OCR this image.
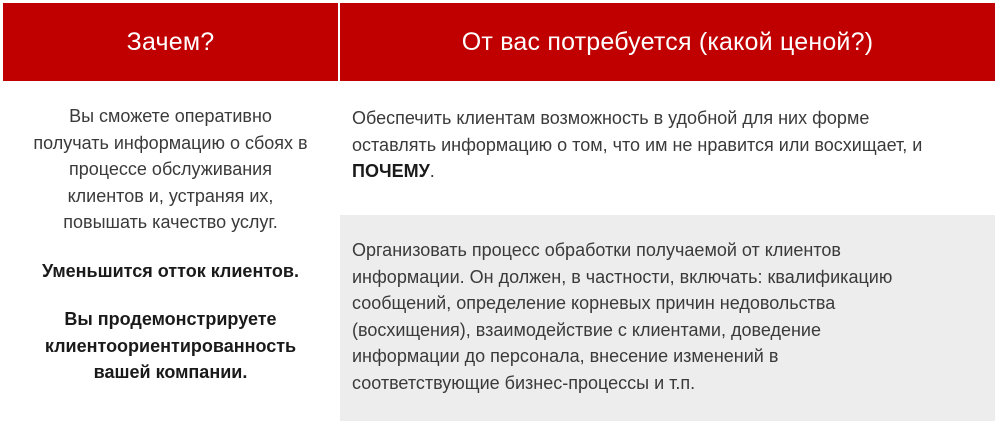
Зачем?	От вас потребуется (какой ценой?)
Вы сможете оперативно
получать информацию о сбоях в
процессе обслуживания
клиентов и, устраняя их,
повышать качество услуг.
Уменьшится отток клиентов.
Вы продемонстрируете
клиентоориентированность
вашей компании.
Обеспечить клиентам возможность в удобной для них форме
оставлять информацию о том, что им не нравится или восхищает, и
ПОЧЕМУ.
Организовать процесс обработки получаемой от клиентов
информации. Он должен, в частности, включать: квалификацию
сообщений, определение корневых причин недовольства
(восхищения), взаимодействие с клиентами, доведение
информации до персонала, внесение изменений в
соответствующие бизнес-процессы и т.п.
